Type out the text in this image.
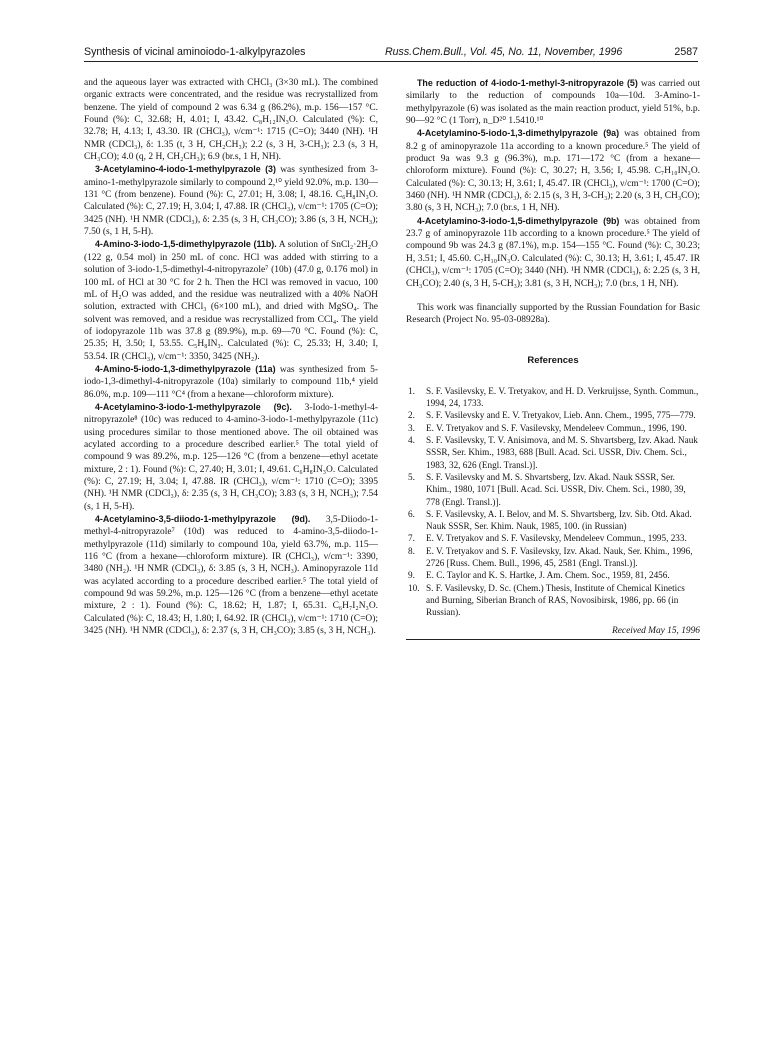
Synthesis of vicinal aminoiodo-1-alkylpyrazoles	Russ.Chem.Bull., Vol. 45, No. 11, November, 1996	2587

and the aqueous layer was extracted with CHCl₃ (3×30 mL). The combined organic extracts were concentrated, and the residue was recrystallized from benzene. The yield of compound 2 was 6.34 g (86.2%), m.p. 156—157 °C. Found (%): C, 32.68; H, 4.01; I, 43.42. C₈H₁₂IN₃O. Calculated (%): C, 32.78; H, 4.13; I, 43.30. IR (CHCl₃), ν/cm⁻¹: 1715 (C=O); 3440 (NH). ¹H NMR (CDCl₃), δ: 1.35 (t, 3 H, CH₂CH₃); 2.2 (s, 3 H, 3-CH₃); 2.3 (s, 3 H, CH₃CO); 4.0 (q, 2 H, CH₂CH₃); 6.9 (br.s, 1 H, NH).

3-Acetylamino-4-iodo-1-methylpyrazole (3) was synthesized from 3-amino-1-methylpyrazole similarly to compound 2,¹⁰ yield 92.0%, m.p. 130—131 °C (from benzene). Found (%): C, 27.01; H, 3.08; I, 48.16. C₆H₈IN₃O. Calculated (%): C, 27.19; H, 3.04; I, 47.88. IR (CHCl₃), ν/cm⁻¹: 1705 (C=O); 3425 (NH). ¹H NMR (CDCl₃), δ: 2.35 (s, 3 H, CH₃CO); 3.86 (s, 3 H, NCH₃); 7.50 (s, 1 H, 5-H).

4-Amino-3-iodo-1,5-dimethylpyrazole (11b). A solution of SnCl₂·2H₂O (122 g, 0.54 mol) in 250 mL of conc. HCl was added with stirring to a solution of 3-iodo-1,5-dimethyl-4-nitropyrazole⁷ (10b) (47.0 g, 0.176 mol) in 100 mL of HCl at 30 °C for 2 h. Then the HCl was removed in vacuo, 100 mL of H₂O was added, and the residue was neutralized with a 40% NaOH solution, extracted with CHCl₃ (6×100 mL), and dried with MgSO₄. The solvent was removed, and a residue was recrystallized from CCl₄. The yield of iodopyrazole 11b was 37.8 g (89.9%), m.p. 69—70 °C. Found (%): C, 25.35; H, 3.50; I, 53.55. C₅H₈IN₃. Calculated (%): C, 25.33; H, 3.40; I, 53.54. IR (CHCl₃), ν/cm⁻¹: 3350, 3425 (NH₂).

4-Amino-5-iodo-1,3-dimethylpyrazole (11a) was synthesized from 5-iodo-1,3-dimethyl-4-nitropyrazole (10a) similarly to compound 11b,⁴ yield 86.0%, m.p. 109—111 °C⁴ (from a hexane—chloroform mixture).

4-Acetylamino-3-iodo-1-methylpyrazole (9c). 3-Iodo-1-methyl-4-nitropyrazole⁸ (10c) was reduced to 4-amino-3-iodo-1-methylpyrazole (11c) using procedures similar to those mentioned above. The oil obtained was acylated according to a procedure described earlier.⁵ The total yield of compound 9 was 89.2%, m.p. 125—126 °C (from a benzene—ethyl acetate mixture, 2 : 1). Found (%): C, 27.40; H, 3.01; I, 49.61. C₆H₈IN₃O. Calculated (%): C, 27.19; H, 3.04; I, 47.88. IR (CHCl₃), ν/cm⁻¹: 1710 (C=O); 3395 (NH). ¹H NMR (CDCl₃), δ: 2.35 (s, 3 H, CH₃CO); 3.83 (s, 3 H, NCH₃); 7.54 (s, 1 H, 5-H).

4-Acetylamino-3,5-diiodo-1-methylpyrazole (9d). 3,5-Diiodo-1-methyl-4-nitropyrazole⁷ (10d) was reduced to 4-amino-3,5-diiodo-1-methylpyrazole (11d) similarly to compound 10a, yield 63.7%, m.p. 115—116 °C (from a hexane—chloroform mixture). IR (CHCl₃), ν/cm⁻¹: 3390, 3480 (NH₂). ¹H NMR (CDCl₃), δ: 3.85 (s, 3 H, NCH₃). Aminopyrazole 11d was acylated according to a procedure described earlier.⁵ The total yield of compound 9d was 59.2%, m.p. 125—126 °C (from a benzene—ethyl acetate mixture, 2 : 1). Found (%): C, 18.62; H, 1.87; I, 65.31. C₆H₇I₂N₃O. Calculated (%): C, 18.43; H, 1.80; I, 64.92. IR (CHCl₃), ν/cm⁻¹: 1710 (C=O); 3425 (NH). ¹H NMR (CDCl₃), δ: 2.37 (s, 3 H, CH₃CO); 3.85 (s, 3 H, NCH₃).

The reduction of 4-iodo-1-methyl-3-nitropyrazole (5) was carried out similarly to the reduction of compounds 10a—10d. 3-Amino-1-methylpyrazole (6) was isolated as the main reaction product, yield 51%, b.p. 90—92 °C (1 Torr), n_D²⁰ 1.5410.¹⁰

4-Acetylamino-5-iodo-1,3-dimethylpyrazole (9a) was obtained from 8.2 g of aminopyrazole 11a according to a known procedure.⁵ The yield of product 9a was 9.3 g (96.3%), m.p. 171—172 °C (from a hexane—chloroform mixture). Found (%): C, 30.27; H, 3.56; I, 45.98. C₇H₁₀IN₃O. Calculated (%): C, 30.13; H, 3.61; I, 45.47. IR (CHCl₃), ν/cm⁻¹: 1700 (C=O); 3460 (NH). ¹H NMR (CDCl₃), δ: 2.15 (s, 3 H, 3-CH₃); 2.20 (s, 3 H, CH₃CO); 3.80 (s, 3 H, NCH₃); 7.0 (br.s, 1 H, NH).

4-Acetylamino-3-iodo-1,5-dimethylpyrazole (9b) was obtained from 23.7 g of aminopyrazole 11b according to a known procedure.⁵ The yield of compound 9b was 24.3 g (87.1%), m.p. 154—155 °C. Found (%): C, 30.23; H, 3.51; I, 45.60. C₇H₁₀IN₃O. Calculated (%): C, 30.13; H, 3.61; I, 45.47. IR (CHCl₃), ν/cm⁻¹: 1705 (C=O); 3440 (NH). ¹H NMR (CDCl₃), δ: 2.25 (s, 3 H, CH₃CO); 2.40 (s, 3 H, 5-CH₃); 3.81 (s, 3 H, NCH₃); 7.0 (br.s, 1 H, NH).

This work was financially supported by the Russian Foundation for Basic Research (Project No. 95-03-08928a).

References
1. S. F. Vasilevsky, E. V. Tretyakov, and H. D. Verkruijsse, Synth. Commun., 1994, 24, 1733.
2. S. F. Vasilevsky and E. V. Tretyakov, Lieb. Ann. Chem., 1995, 775—779.
3. E. V. Tretyakov and S. F. Vasilevsky, Mendeleev Commun., 1996, 190.
4. S. F. Vasilevsky, T. V. Anisimova, and M. S. Shvartsberg, Izv. Akad. Nauk SSSR, Ser. Khim., 1983, 688 [Bull. Acad. Sci. USSR, Div. Chem. Sci., 1983, 32, 626 (Engl. Transl.)].
5. S. F. Vasilevsky and M. S. Shvartsberg, Izv. Akad. Nauk SSSR, Ser. Khim., 1980, 1071 [Bull. Acad. Sci. USSR, Div. Chem. Sci., 1980, 39, 778 (Engl. Transl.)].
6. S. F. Vasilevsky, A. I. Belov, and M. S. Shvartsberg, Izv. Sib. Otd. Akad. Nauk SSSR, Ser. Khim. Nauk, 1985, 100. (in Russian)
7. E. V. Tretyakov and S. F. Vasilevsky, Mendeleev Commun., 1995, 233.
8. E. V. Tretyakov and S. F. Vasilevsky, Izv. Akad. Nauk, Ser. Khim., 1996, 2726 [Russ. Chem. Bull., 1996, 45, 2581 (Engl. Transl.)].
9. E. C. Taylor and K. S. Hartke, J. Am. Chem. Soc., 1959, 81, 2456.
10. S. F. Vasilevsky, D. Sc. (Chem.) Thesis, Institute of Chemical Kinetics and Burning, Siberian Branch of RAS, Novosibirsk, 1986, pp. 66 (in Russian).
Received May 15, 1996
